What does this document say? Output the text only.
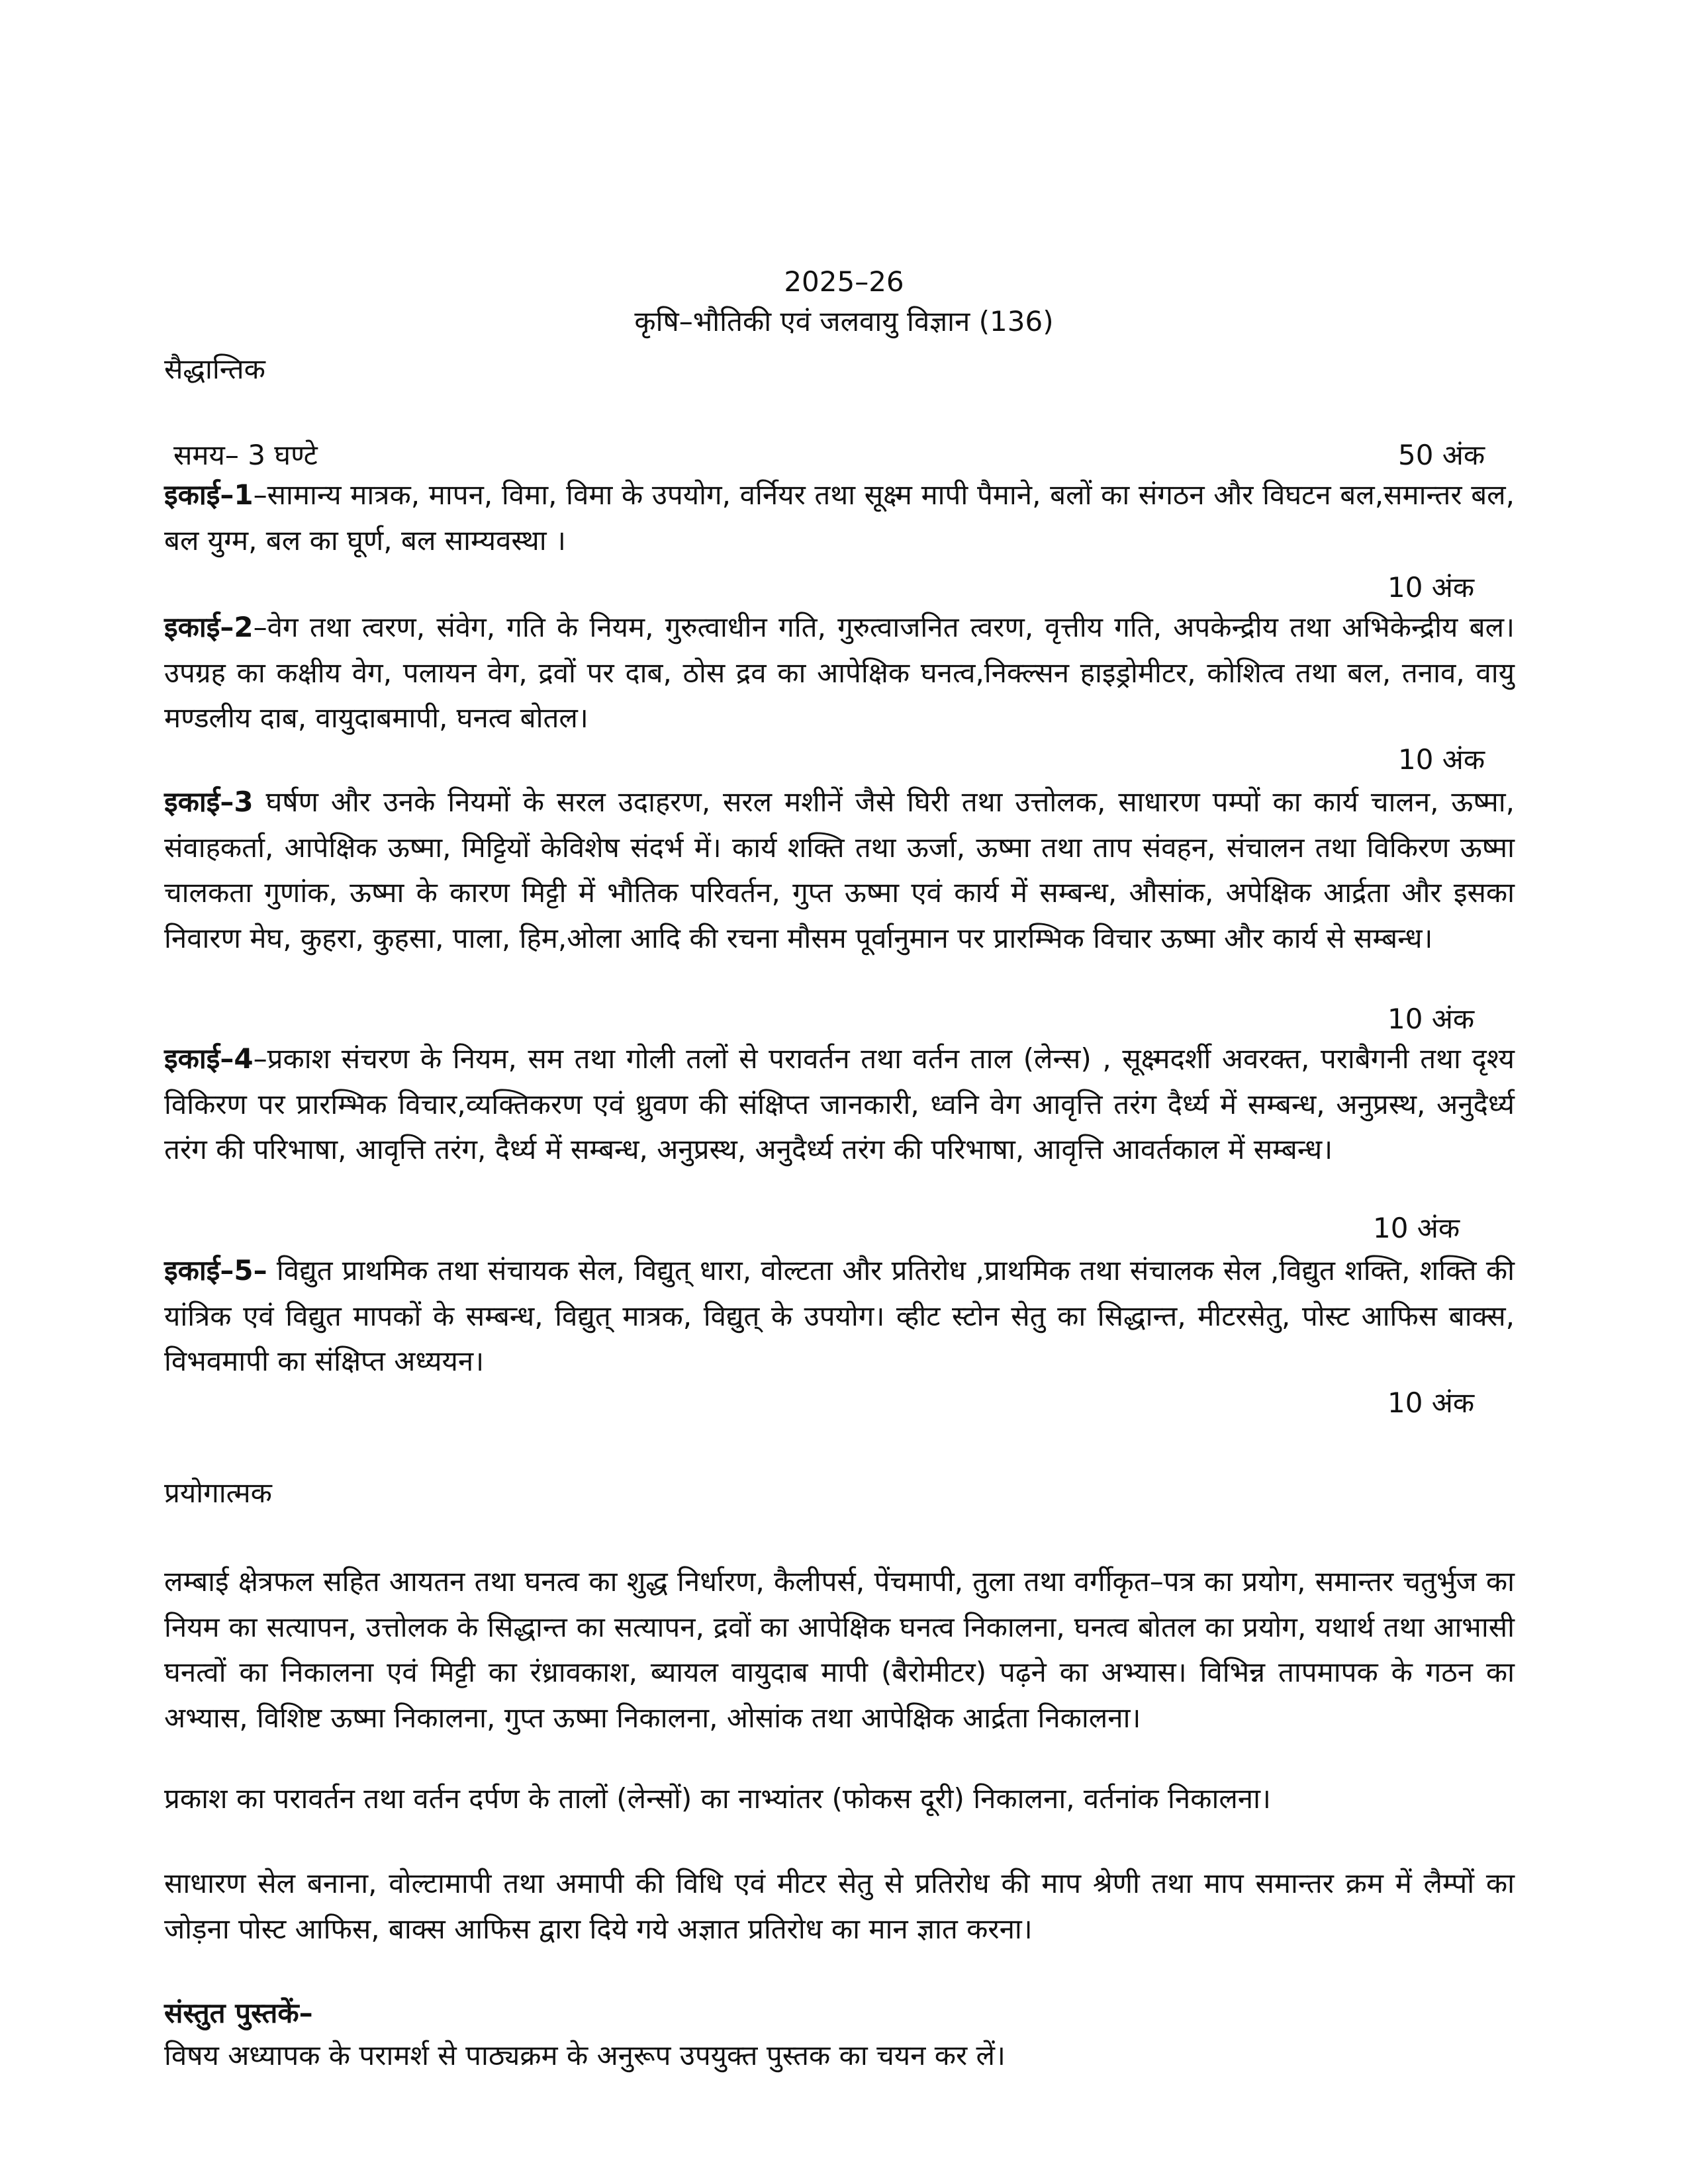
2025–26

कृषि–भौतिकी एवं जलवायु विज्ञान (136)

सैद्धान्तिक

समय– 3 घण्टे	50 अंक

इकाई–1–सामान्य मात्रक, मापन, विमा, विमा के उपयोग, वर्नियर तथा सूक्ष्म मापी पैमाने, बलों का संगठन और विघटन बल,समान्तर बल, बल युग्म, बल का घूर्ण, बल साम्यवस्था ।

10 अंक

इकाई–2–वेग तथा त्वरण, संवेग, गति के नियम, गुरुत्वाधीन गति, गुरुत्वाजनित त्वरण, वृत्तीय गति, अपकेन्द्रीय तथा अभिकेन्द्रीय बल। उपग्रह का कक्षीय वेग, पलायन वेग, द्रवों पर दाब, ठोस द्रव का आपेक्षिक घनत्व,निक्ल्सन हाइड्रोमीटर, कोशित्व तथा बल, तनाव, वायु मण्डलीय दाब, वायुदाबमापी, घनत्व बोतल।

10 अंक

इकाई–3 घर्षण और उनके नियमों के सरल उदाहरण, सरल मशीनें जैसे घिरी तथा उत्तोलक, साधारण पम्पों का कार्य चालन, ऊष्मा, संवाहकर्ता, आपेक्षिक ऊष्मा, मिट्टियों केविशेष संदर्भ में। कार्य शक्ति तथा ऊर्जा, ऊष्मा तथा ताप संवहन, संचालन तथा विकिरण ऊष्मा चालकता गुणांक, ऊष्मा के कारण मिट्टी में भौतिक परिवर्तन, गुप्त ऊष्मा एवं कार्य में सम्बन्ध, औसांक, अपेक्षिक आर्द्रता और इसका निवारण मेघ, कुहरा, कुहसा, पाला, हिम,ओला आदि की रचना मौसम पूर्वानुमान पर प्रारम्भिक विचार ऊष्मा और कार्य से सम्बन्ध।

10 अंक

इकाई–4–प्रकाश संचरण के नियम, सम तथा गोली तलों से परावर्तन तथा वर्तन ताल (लेन्स) , सूक्ष्मदर्शी अवरक्त, पराबैगनी तथा दृश्य विकिरण पर प्रारम्भिक विचार,व्यक्तिकरण एवं ध्रुवण की संक्षिप्त जानकारी, ध्वनि वेग आवृत्ति तरंग दैर्ध्य में सम्बन्ध, अनुप्रस्थ, अनुदैर्ध्य तरंग की परिभाषा, आवृत्ति तरंग, दैर्ध्य में सम्बन्ध, अनुप्रस्थ, अनुदैर्ध्य तरंग की परिभाषा, आवृत्ति आवर्तकाल में सम्बन्ध।

10 अंक

इकाई–5– विद्युत प्राथमिक तथा संचायक सेल, विद्युत् धारा, वोल्टता और प्रतिरोध ,प्राथमिक तथा संचालक सेल ,विद्युत शक्ति, शक्ति की यांत्रिक एवं विद्युत मापकों के सम्बन्ध, विद्युत् मात्रक, विद्युत् के उपयोग। व्हीट स्टोन सेतु का सिद्धान्त, मीटरसेतु, पोस्ट आफिस बाक्स, विभवमापी का संक्षिप्त अध्ययन।

10 अंक

प्रयोगात्मक

लम्बाई क्षेत्रफल सहित आयतन तथा घनत्व का शुद्ध निर्धारण, कैलीपर्स, पेंचमापी, तुला तथा वर्गीकृत–पत्र का प्रयोग, समान्तर चतुर्भुज का नियम का सत्यापन, उत्तोलक के सिद्धान्त का सत्यापन, द्रवों का आपेक्षिक घनत्व निकालना, घनत्व बोतल का प्रयोग, यथार्थ तथा आभासी घनत्वों का निकालना एवं मिट्टी का रंध्रावकाश, ब्यायल वायुदाब मापी (बैरोमीटर) पढ़ने का अभ्यास। विभिन्न तापमापक के गठन का अभ्यास, विशिष्ट ऊष्मा निकालना, गुप्त ऊष्मा निकालना, ओसांक तथा आपेक्षिक आर्द्रता निकालना।

प्रकाश का परावर्तन तथा वर्तन दर्पण के तालों (लेन्सों) का नाभ्यांतर (फोकस दूरी) निकालना, वर्तनांक निकालना।

साधारण सेल बनाना, वोल्टामापी तथा अमापी की विधि एवं मीटर सेतु से प्रतिरोध की माप श्रेणी तथा माप समान्तर क्रम में लैम्पों का जोड़ना पोस्ट आफिस, बाक्स आफिस द्वारा दिये गये अज्ञात प्रतिरोध का मान ज्ञात करना।

संस्तुत पुस्तकें–

विषय अध्यापक के परामर्श से पाठ्यक्रम के अनुरूप उपयुक्त पुस्तक का चयन कर लें।
